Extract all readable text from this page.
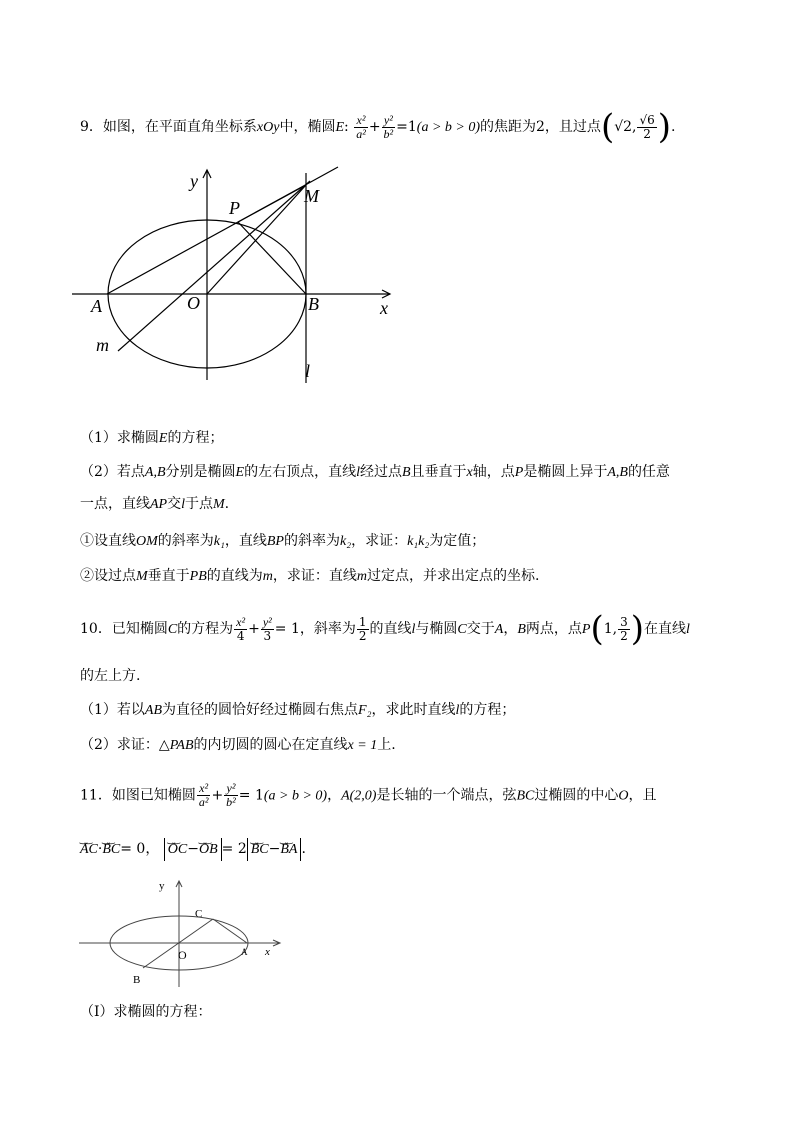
9．如图，在平面直角坐标系xOy中，椭圆E: $\frac{\text{x²}}{\text{a²}} + \frac{\text{y²}}{\text{b²}} =1(a > b > 0)$的焦距为2，且过点(√2, $\frac{√6}{2}$ ).
y
P
M
A	O	B	x
m
l
（1）求椭圆E的方程；
（2）若点A,B分别是椭圆E的左右顶点，直线l经过点B且垂直于x轴，点P是椭圆上异于A,B的任意
一点，直线AP交l于点M.
①设直线OM的斜率为k₁，直线BP的斜率为k₂，求证：k₁k₂为定值；
②设过点M垂直于PB的直线为m，求证：直线m过定点，并求出定点的坐标.
10．已知椭圆C的方程为 $\frac{\text{x²}}{4} + \frac{\text{y²}}{3} = 1$，斜率为 $\frac{1}{2}$ 的直线l与椭圆C交于A，B两点，点P(1, $\frac{3}{2}$ )在直线l
的左上方.
（1）若以AB为直径的圆恰好经过椭圆右焦点F₂，求此时直线l的方程；
（2）求证：△PAB的内切圆的圆心在定直线x = 1上.
11．如图已知椭圆 $\frac{\text{x²}}{\text{a²}} + \frac{\text{y²}}{\text{b²}} = 1(a > b > 0)$，A(2,0)是长轴的一个端点，弦BC过椭圆的中心O，且
‿‿ AC·‿‿ BC= 0， ‿‿ OC−‿‿ OB = 2 ‿‿ BC−‿‿ BA .
y
C
O	A x
B
（Ⅰ）求椭圆的方程：
